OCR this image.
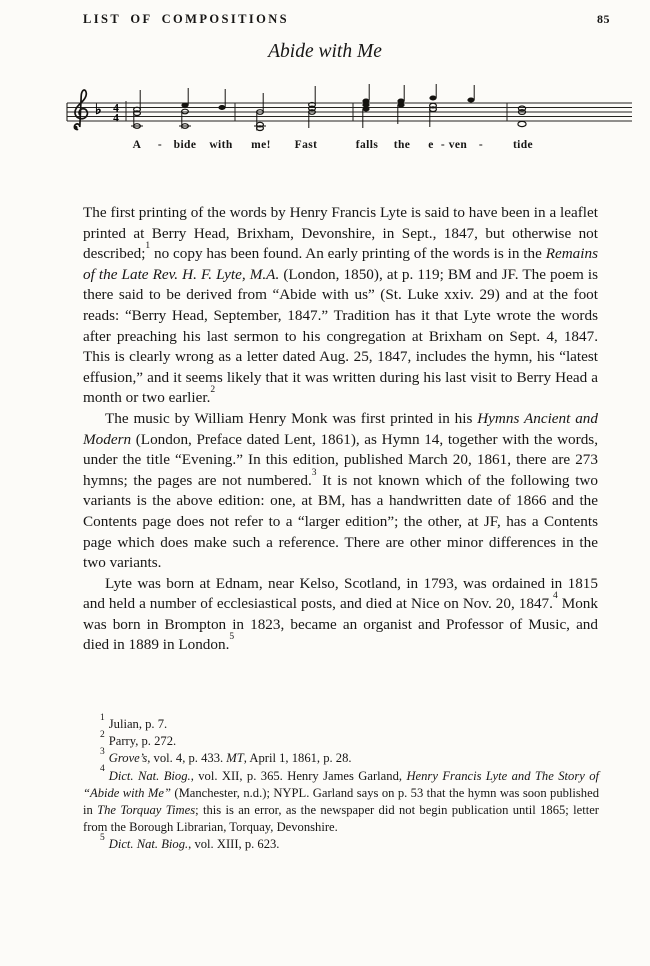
LIST OF COMPOSITIONS	85
Abide with Me
♭ 4
4
A - bide with me! Fast	falls the e - ven -	tide

The first printing of the words by Henry Francis Lyte is said to have been in a leaflet printed at Berry Head, Brixham, Devonshire, in Sept., 1847, but otherwise not described;$^1$ no copy has been found. An early printing of the words is in the Remains of the Late Rev. H. F. Lyte, M.A. (London, 1850), at p. 119; BM and JF. The poem is there said to be derived from “Abide with us” (St. Luke xxiv. 29) and at the foot reads: “Berry Head, September, 1847.” Tradition has it that Lyte wrote the words after preaching his last sermon to his congregation at Brixham on Sept. 4, 1847. This is clearly wrong as a letter dated Aug. 25, 1847, includes the hymn, his “latest effusion,” and it seems likely that it was written during his last visit to Berry Head a month or two earlier.$^2$

The music by William Henry Monk was first printed in his Hymns Ancient and Modern (London, Preface dated Lent, 1861), as Hymn 14, together with the words, under the title “Evening.” In this edition, published March 20, 1861, there are 273 hymns; the pages are not numbered.$^3$ It is not known which of the following two variants is the above edition: one, at BM, has a handwritten date of 1866 and the Contents page does not refer to a “larger edition”; the other, at JF, has a Contents page which does make such a reference. There are other minor differences in the two variants.

Lyte was born at Ednam, near Kelso, Scotland, in 1793, was ordained in 1815 and held a number of ecclesiastical posts, and died at Nice on Nov. 20, 1847.$^4$ Monk was born in Brompton in 1823, became an organist and Professor of Music, and died in 1889 in London.$^5$

$^1$ Julian, p. 7.
$^2$ Parry, p. 272.
$^3$ Grove’s, vol. 4, p. 433. MT, April 1, 1861, p. 28.
$^4$ Dict. Nat. Biog., vol. XII, p. 365. Henry James Garland, Henry Francis Lyte and The Story of “Abide with Me” (Manchester, n.d.); NYPL. Garland says on p. 53 that the hymn was soon published in The Torquay Times; this is an error, as the newspaper did not begin publication until 1865; letter from the Borough Librarian, Torquay, Devonshire.
$^5$ Dict. Nat. Biog., vol. XIII, p. 623.
